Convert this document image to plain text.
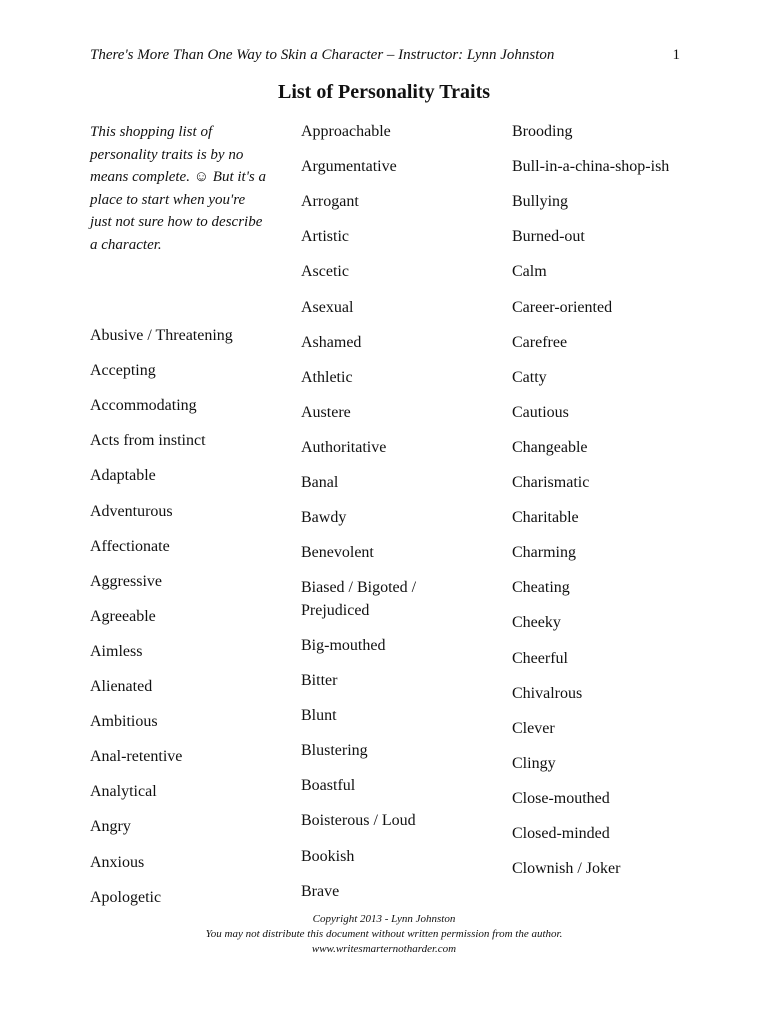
There's More Than One Way to Skin a Character – Instructor: Lynn Johnston	1
List of Personality Traits
This shopping list of personality traits is by no means complete. ☺ But it's a place to start when you're just not sure how to describe a character.
Abusive / Threatening
Accepting
Accommodating
Acts from instinct
Adaptable
Adventurous
Affectionate
Aggressive
Agreeable
Aimless
Alienated
Ambitious
Anal-retentive
Analytical
Angry
Anxious
Apologetic
Approachable
Argumentative
Arrogant
Artistic
Ascetic
Asexual
Ashamed
Athletic
Austere
Authoritative
Banal
Bawdy
Benevolent
Biased / Bigoted / Prejudiced
Big-mouthed
Bitter
Blunt
Blustering
Boastful
Boisterous / Loud
Bookish
Brave
Brooding
Bull-in-a-china-shop-ish
Bullying
Burned-out
Calm
Career-oriented
Carefree
Catty
Cautious
Changeable
Charismatic
Charitable
Charming
Cheating
Cheeky
Cheerful
Chivalrous
Clever
Clingy
Close-mouthed
Closed-minded
Clownish / Joker
Copyright 2013 - Lynn Johnston
You may not distribute this document without written permission from the author.
www.writesmarternotharder.com
